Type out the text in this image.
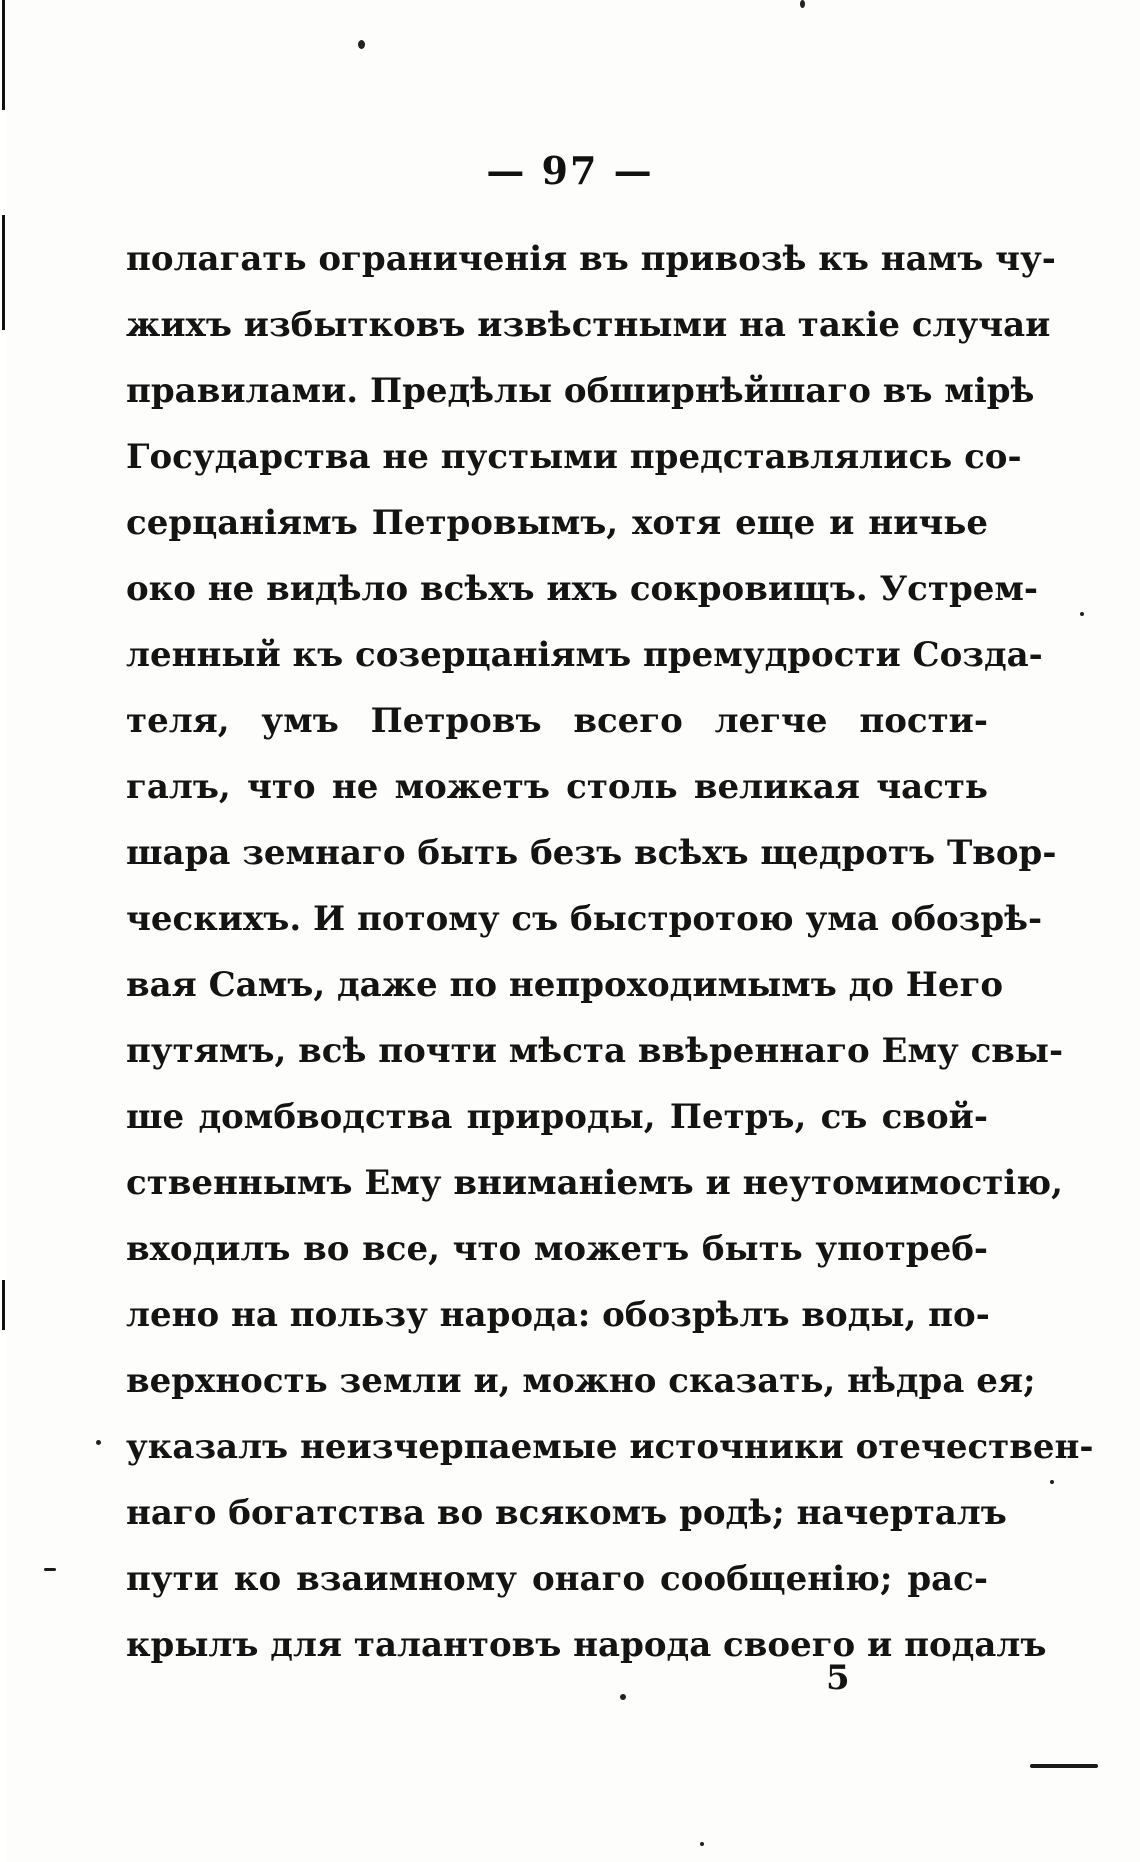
— 97 —
полагать ограниченія въ привозѣ къ намъ чу-
жихъ избытковъ извѣстными на такіе случаи
правилами. Предѣлы обширнѣйшаго въ мірѣ
Государства не пустыми представлялись со-
серцаніямъ Петровымъ, хотя еще и ничье
око не видѣло всѣхъ ихъ сокровищъ. Устрем-
ленный къ созерцаніямъ премудрости Созда-
теля, умъ Петровъ всего легче пости-
галъ, что не можетъ столь великая часть
шара земнаго быть безъ всѣхъ щедротъ Твор-
ческихъ. И потому съ быстротою ума обозрѣ-
вая Самъ, даже по непроходимымъ до Него
путямъ, всѣ почти мѣста ввѣреннаго Ему свы-
ше домбводства природы, Петръ, съ свой-
ственнымъ Ему вниманіемъ и неутомимостію,
входилъ во все, что можетъ быть употреб-
лено на пользу народа: обозрѣлъ воды, по-
верхность земли и, можно сказать, нѣдра ея;
указалъ неизчерпаемые источники отечествен-
наго богатства во всякомъ родѣ; начерталъ
пути ко взаимному онаго сообщенію; рас-
крылъ для талантовъ народа своего и подалъ
5
